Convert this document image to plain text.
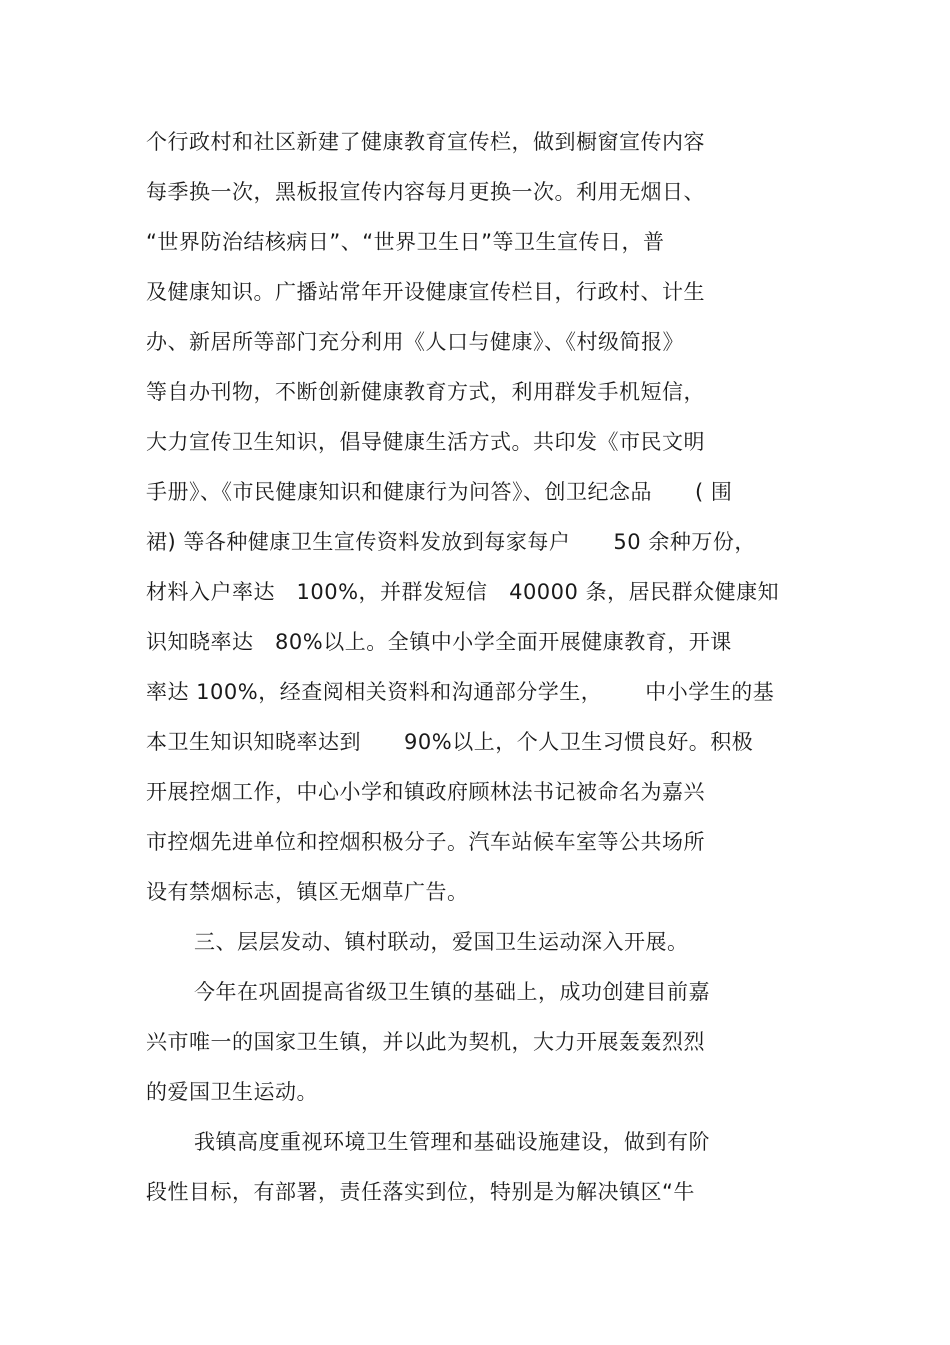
个行政村和社区新建了健康教育宣传栏，做到橱窗宣传内容
每季换一次，黑板报宣传内容每月更换一次。利用无烟日、
“世界防治结核病日”、“世界卫生日”等卫生宣传日，普
及健康知识。广播站常年开设健康宣传栏目，行政村、计生
办、新居所等部门充分利用《人口与健康》、《村级简报》
等自办刊物，不断创新健康教育方式，利用群发手机短信，
大力宣传卫生知识，倡导健康生活方式。共印发《市民文明
手册》、《市民健康知识和健康行为问答》、创卫纪念品      ( 围
裙) 等各种健康卫生宣传资料发放到每家每户      50 余种万份，
材料入户率达   100%，并群发短信   40000 条，居民群众健康知
识知晓率达   80%以上。全镇中小学全面开展健康教育，开课
率达 100%，经查阅相关资料和沟通部分学生，      中小学生的基
本卫生知识知晓率达到      90%以上，个人卫生习惯良好。积极
开展控烟工作，中心小学和镇政府顾林法书记被命名为嘉兴
市控烟先进单位和控烟积极分子。汽车站候车室等公共场所
设有禁烟标志，镇区无烟草广告。
三、层层发动、镇村联动，爱国卫生运动深入开展。
今年在巩固提高省级卫生镇的基础上，成功创建目前嘉
兴市唯一的国家卫生镇，并以此为契机，大力开展轰轰烈烈
的爱国卫生运动。
我镇高度重视环境卫生管理和基础设施建设，做到有阶
段性目标，有部署，责任落实到位，特别是为解决镇区“牛
